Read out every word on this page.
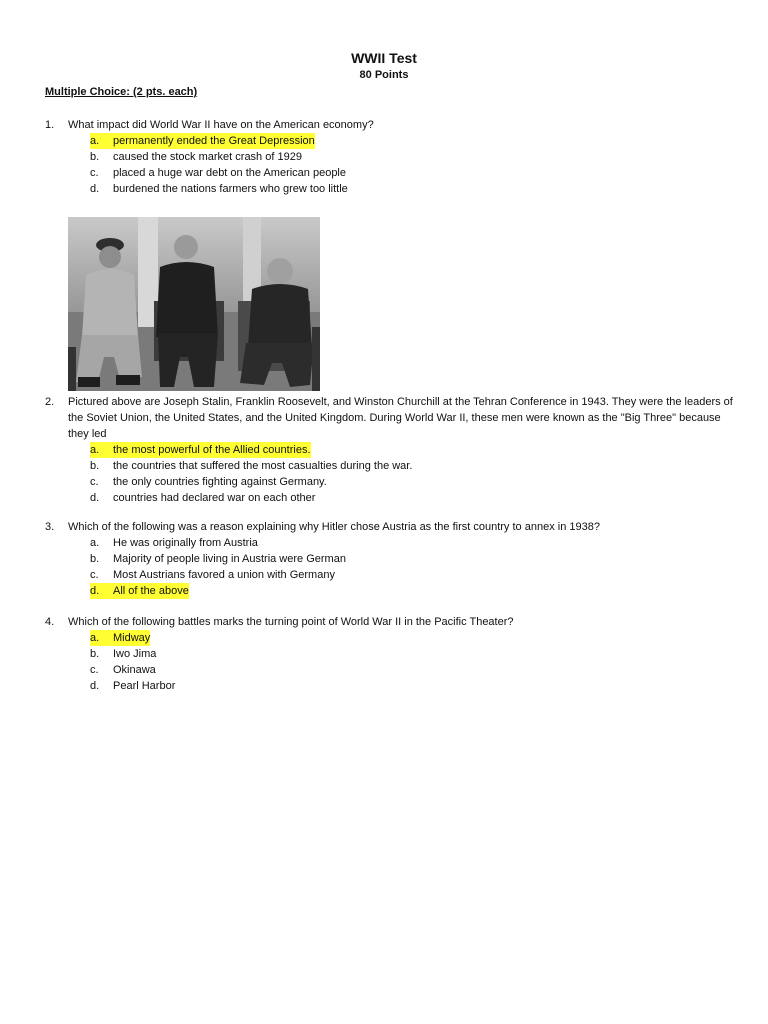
WWII Test
80 Points
Multiple Choice: (2 pts. each)
1.	What impact did World War II have on the American economy?
a.	permanently ended the Great Depression
b.	caused the stock market crash of 1929
c.	placed a huge war debt on the American people
d.	burdened the nations farmers who grew too little
2.	Pictured above are Joseph Stalin, Franklin Roosevelt, and Winston Churchill at the Tehran Conference in 1943. They were the leaders of the Soviet Union, the United States, and the United Kingdom. During World War II, these men were known as the "Big Three" because they led
a.	the most powerful of the Allied countries.
b.	the countries that suffered the most casualties during the war.
c.	the only countries fighting against Germany.
d.	countries had declared war on each other
3.	Which of the following was a reason explaining why Hitler chose Austria as the first country to annex in 1938?
a.	He was originally from Austria
b.	Majority of people living in Austria were German
c.	Most Austrians favored a union with Germany
d.	All of the above
4.	Which of the following battles marks the turning point of World War II in the Pacific Theater?
a.	Midway
b.	Iwo Jima
c.	Okinawa
d.	Pearl Harbor
